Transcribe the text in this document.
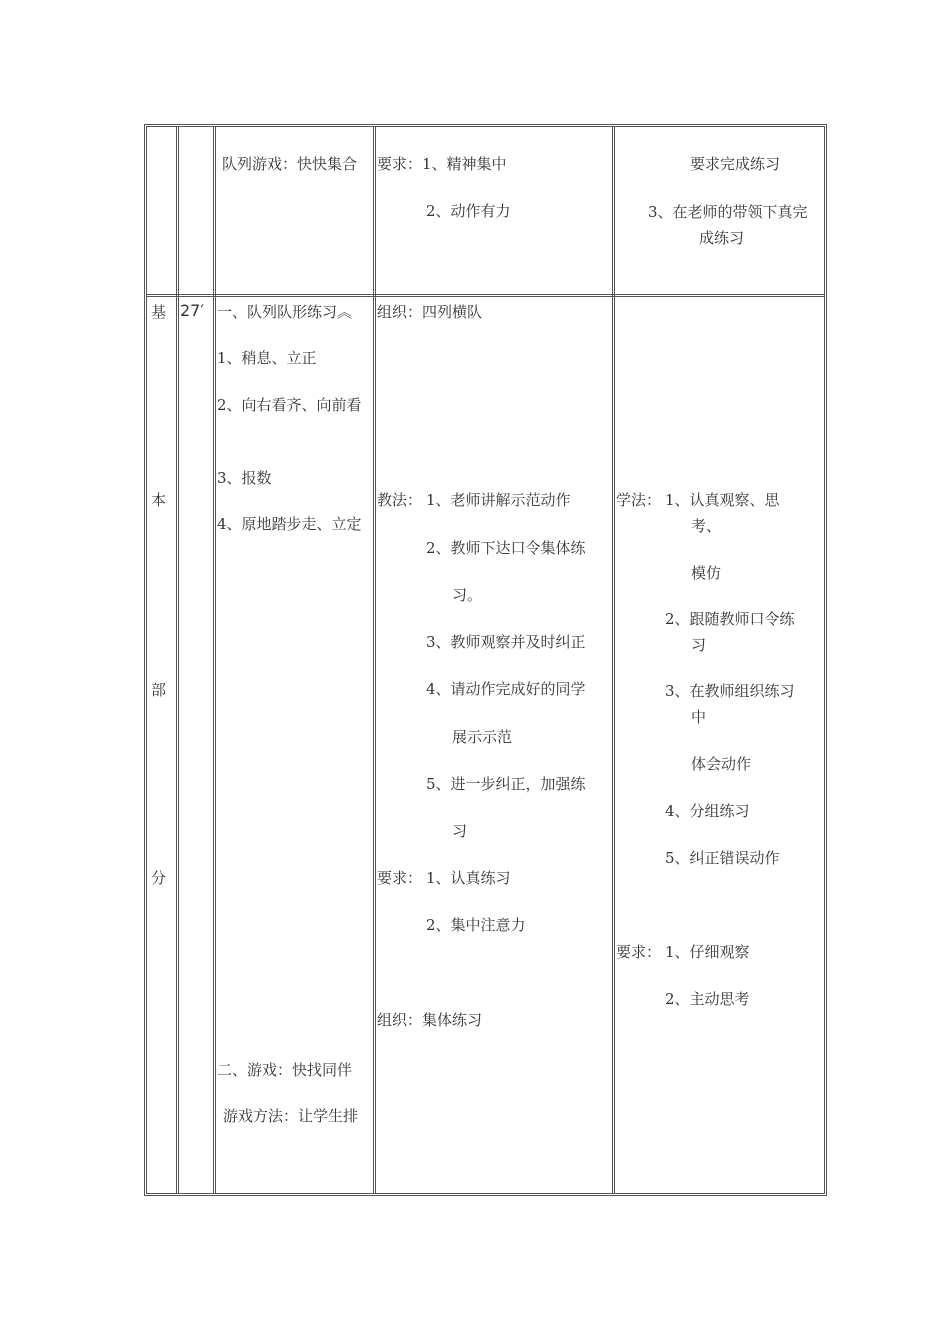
队列游戏：快快集合	要求：1、精神集中
2、动作有力
要求完成练习
3、在老师的带领下真完
成练习
基
本
部
分
27′ 一、队列队形练习︽
1、稍息、立正
2、向右看齐、向前看
3、报数
4、原地踏步走、立定
二、游戏：快找同伴
游戏方法：让学生排
组织：四列横队
教法： 1、老师讲解示范动作
2、教师下达口令集体练
习。
3、教师观察并及时纠正
4、请动作完成好的同学
展示示范
5、进一步纠正，加强练
习
要求： 1、认真练习
2、集中注意力
组织：集体练习
学法： 1、认真观察、思
考、
模仿
2、跟随教师口令练
习
3、在教师组织练习
中
体会动作
4、分组练习
5、纠正错误动作
要求： 1、仔细观察
2、主动思考
